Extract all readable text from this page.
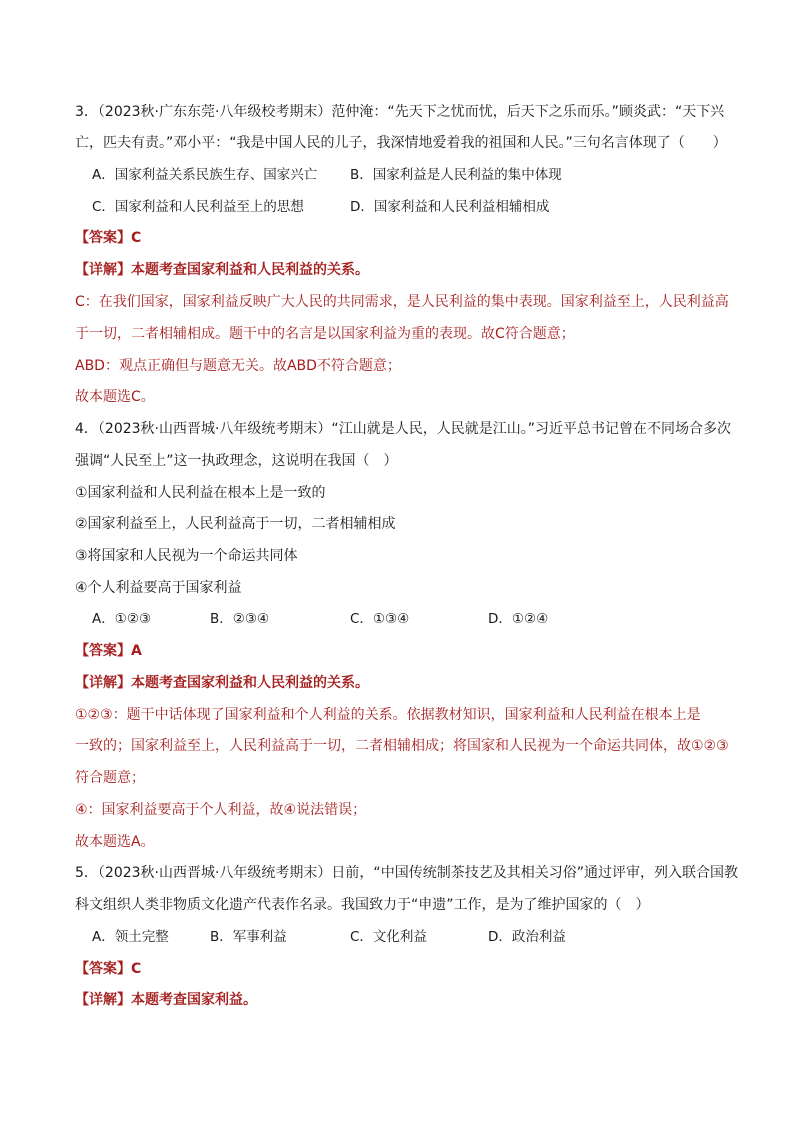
3．（2023秋·广东东莞·八年级校考期末）范仲淹：“先天下之忧而忧，后天下之乐而乐。”顾炎武：“天下兴
亡，匹夫有责。”邓小平：“我是中国人民的儿子，我深情地爱着我的祖国和人民。”三句名言体现了（　　）
A．国家利益关系民族生存、国家兴亡 B．国家利益是人民利益的集中体现
C．国家利益和人民利益至上的思想	D．国家利益和人民利益相辅相成
【答案】C
【详解】本题考查国家利益和人民利益的关系。
C：在我们国家，国家利益反映广大人民的共同需求，是人民利益的集中表现。国家利益至上，人民利益高
于一切，二者相辅相成。题干中的名言是以国家利益为重的表现。故C符合题意；
ABD：观点正确但与题意无关。故ABD不符合题意；
故本题选C。
4．（2023秋·山西晋城·八年级统考期末）“江山就是人民，人民就是江山。”习近平总书记曾在不同场合多次
强调“人民至上”这一执政理念，这说明在我国（　）
①国家利益和人民利益在根本上是一致的
②国家利益至上，人民利益高于一切，二者相辅相成
③将国家和人民视为一个命运共同体
④个人利益要高于国家利益
A．①②③	B．②③④	C．①③④	D．①②④
【答案】A
【详解】本题考查国家利益和人民利益的关系。
①②③：题干中话体现了国家利益和个人利益的关系。依据教材知识，国家利益和人民利益在根本上是
一致的；国家利益至上，人民利益高于一切，二者相辅相成；将国家和人民视为一个命运共同体，故①②③
符合题意；
④：国家利益要高于个人利益，故④说法错误；
故本题选A。
5．（2023秋·山西晋城·八年级统考期末）日前，“中国传统制茶技艺及其相关习俗”通过评审，列入联合国教
科文组织人类非物质文化遗产代表作名录。我国致力于“申遗”工作，是为了维护国家的（　）
A．领土完整	B．军事利益	C．文化利益	D．政治利益
【答案】C
【详解】本题考查国家利益。
